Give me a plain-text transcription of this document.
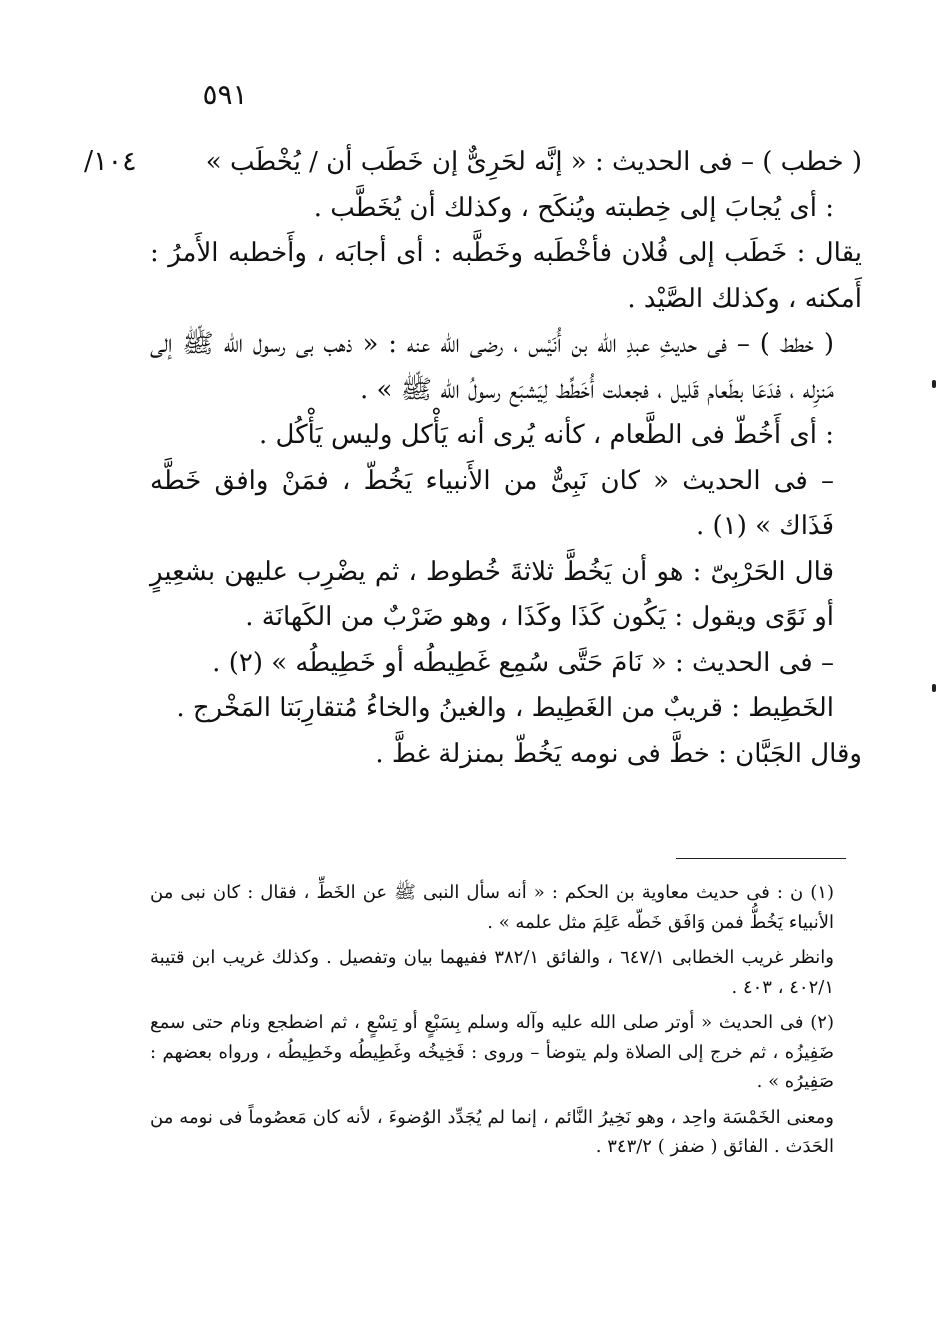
٥٩١
١٠٤/	( خطب ) – فى الحديث : « إنَّه لحَرِىٌّ إن خَطَب أن / يُخْطَب »

: أى يُجابَ إلى خِطبته ويُنكَح ، وكذلك أن يُخَطَّب .

يقال : خَطَب إلى فُلان فأخْطَبه وخَطَّبه : أى أجابَه ، وأَخطبه الأَمرُ : أَمكنه ، وكذلك الصَّيْد .

( خطط ) – فى حديثِ عبدِ الله بن أُنَيْس ، رضى الله عنه : « ذهب بى رسول الله ﷺ إلى مَنزِله ، فدَعَا بطَعام قَليل ، فجعلت أُخَطِّط لِيَشبَع رسولُ الله ﷺ » .

: أى أَخُطّ فى الطَّعام ، كأنه يُرى أنه يَأْكل وليس يَأْكُل .

– فى الحديث « كان نَبِىٌّ من الأَنبياء يَخُطّ ، فمَنْ وافق خَطَّه فَذَاك » (١) .

قال الحَرْبِىّ : هو أن يَخُطَّ ثلاثةَ خُطوط ، ثم يضْرِب عليهن بشعِيرٍ أو نَوًى ويقول : يَكُون كَذَا وكَذَا ، وهو ضَرْبٌ من الكَهانَة .

– فى الحديث : « نَامَ حَتَّى سُمِع غَطِيطُه أو خَطِيطُه » (٢) .

الخَطِيط : قريبٌ من الغَطِيط ، والغينُ والخاءُ مُتقارِبَتا المَخْرج .

وقال الجَبَّان : خطَّ فى نومه يَخُطّ بمنزلة غطَّ .

(١) ن : فى حديث معاوية بن الحكم : « أنه سأل النبى ﷺ عن الخَطِّ ، فقال : كان نبى من الأنبياء يَخُطُّ فمن وَافَق خَطّه عَلِمَ مثل علمه » .

وانظر غريب الخطابى ٦٤٧/١ ، والفائق ٣٨٢/١ ففيهما بيان وتفصيل . وكذلك غريب ابن قتيبة ٤٠٢/١ ، ٤٠٣ .

(٢) فى الحديث « أوتر صلى الله عليه وآله وسلم بِسَبْعٍ أو تِسْعٍ ، ثم اضطجع ونام حتى سمع ضَفِيزُه ، ثم خرج إلى الصلاة ولم يتوضأ – وروى : فَخِيخُه وغَطِيطُه وخَطِيطُه ، ورواه بعضهم : صَفِيرُه » .

ومعنى الخَمْسَة واحِد ، وهو نَخِيرُ النَّائم ، إنما لم يُجَدِّد الوُضوءَ ، لأنه كان مَعصُوماً فى نومه من الحَدَث . الفائق ( ضفز ) ٣٤٣/٢ .
